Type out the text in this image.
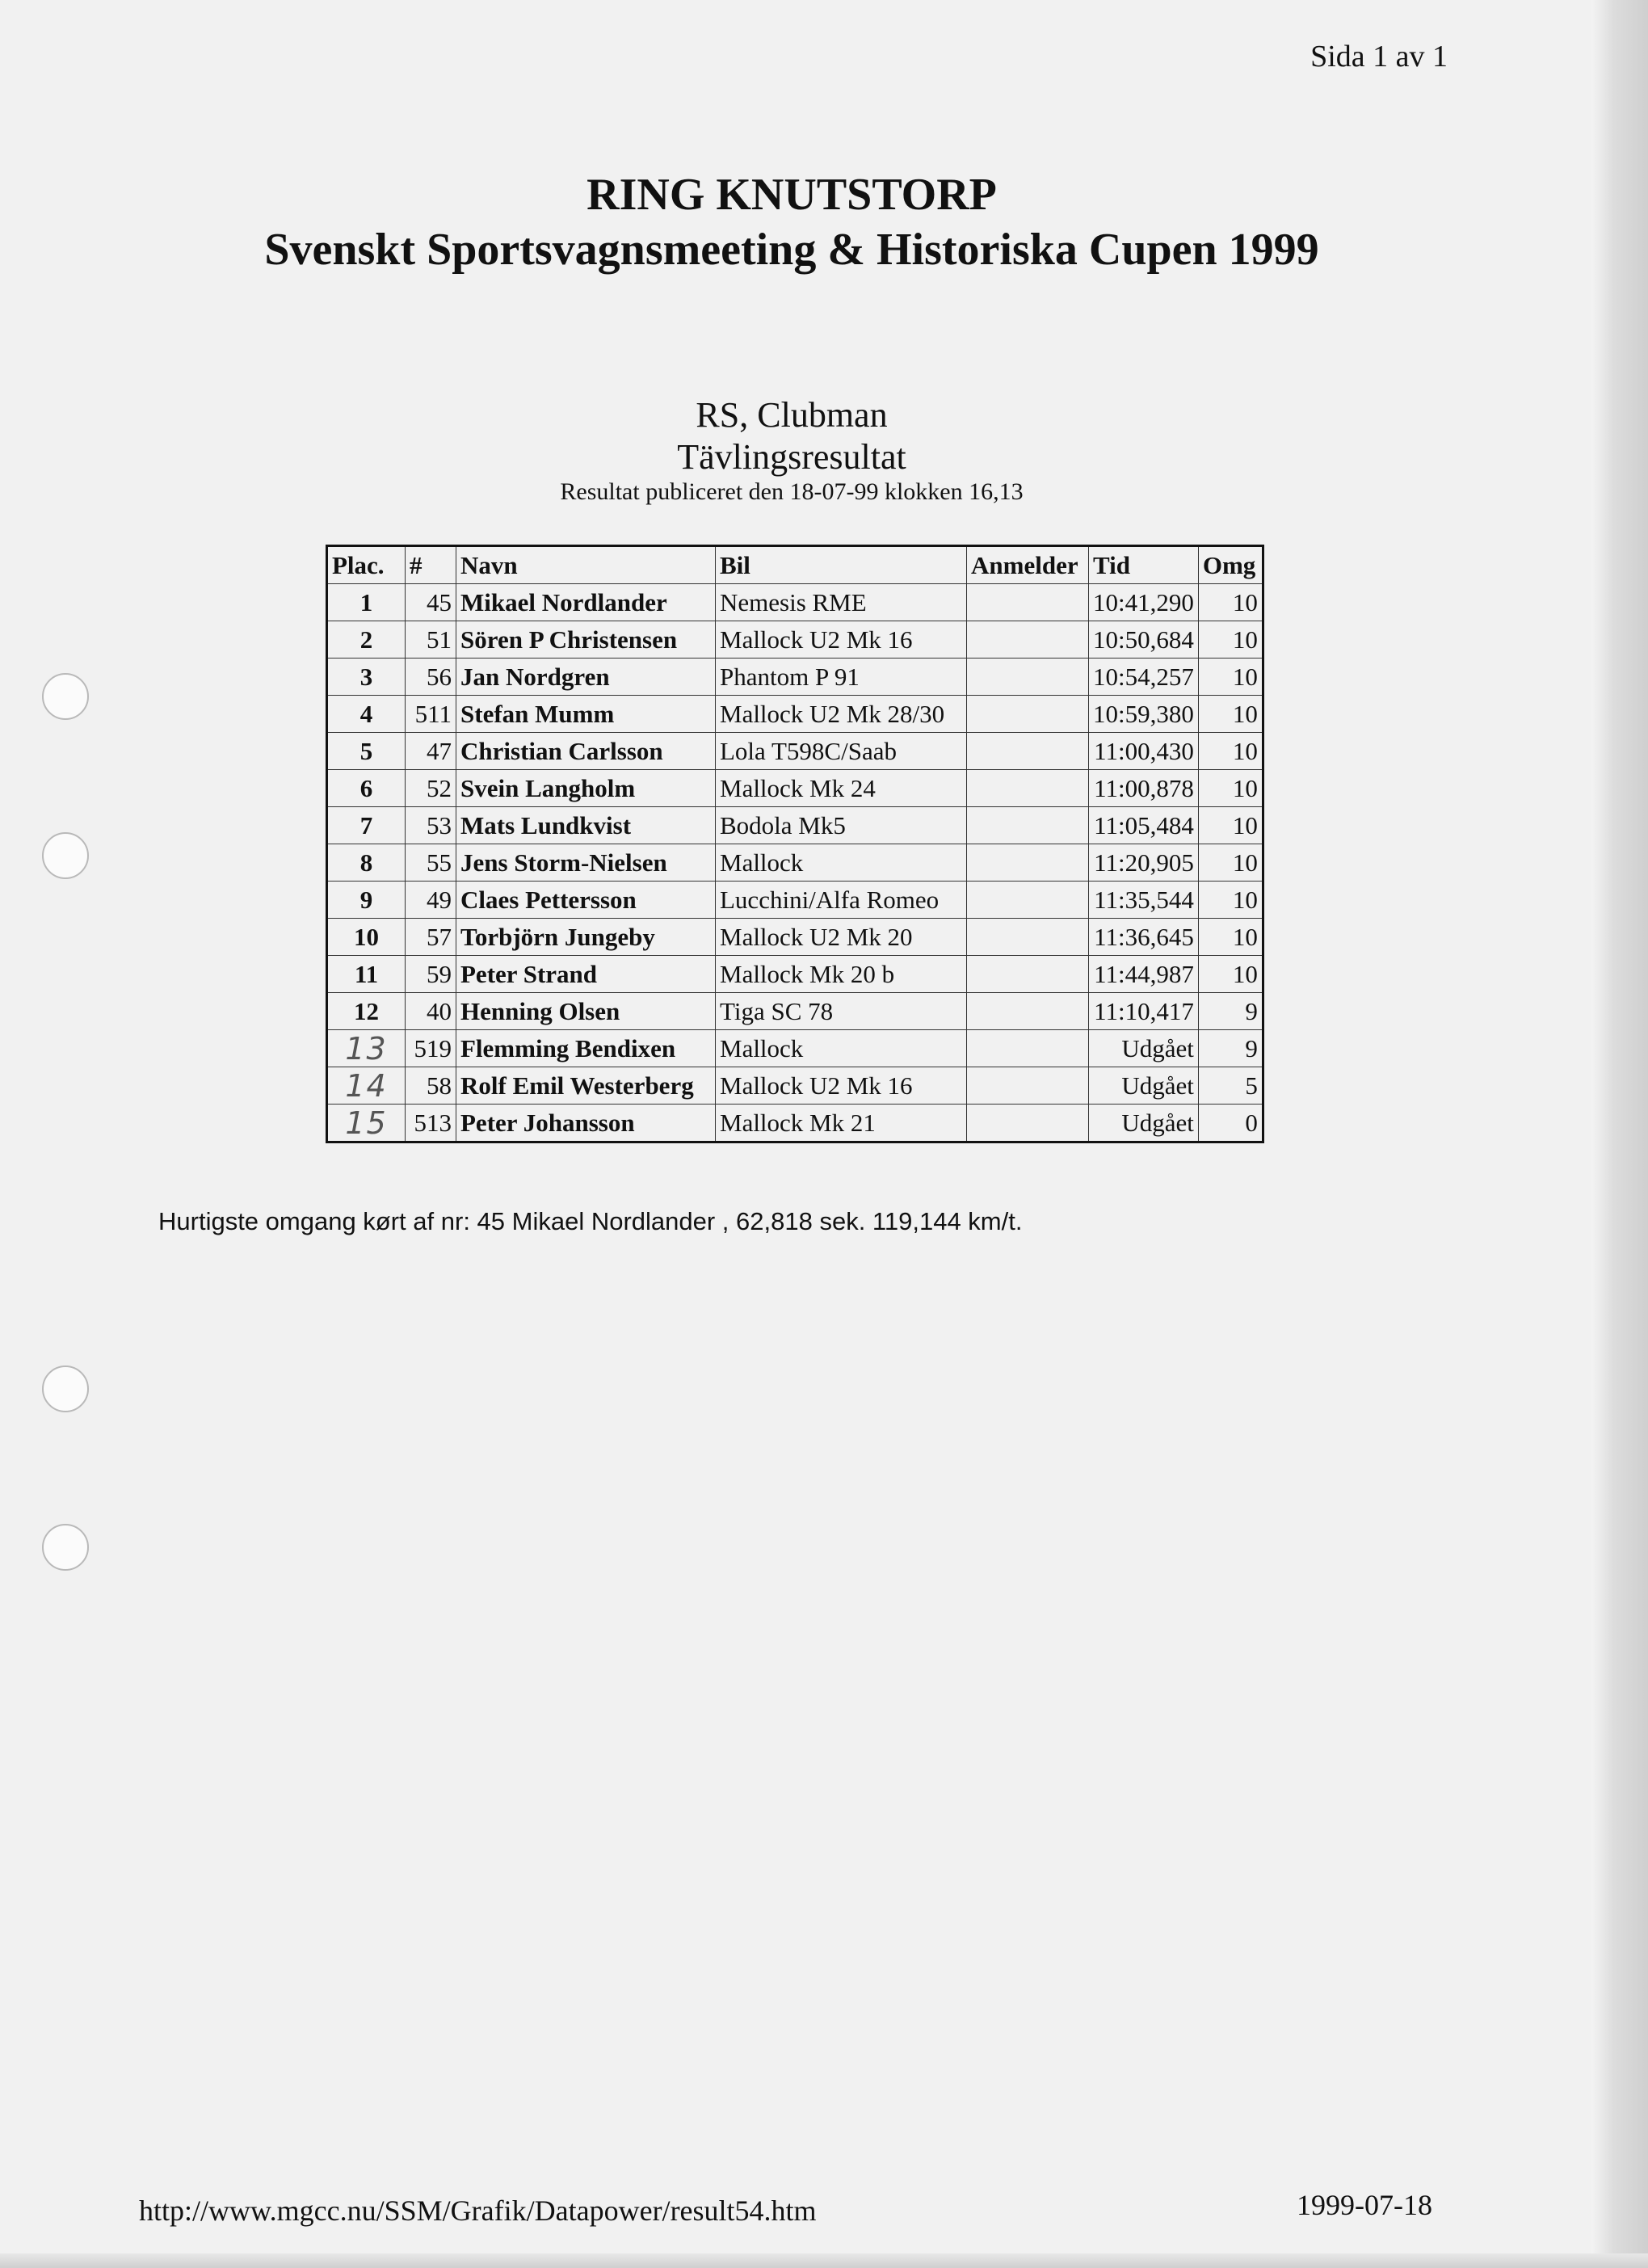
Sida 1 av 1
RING KNUTSTORP
Svenskt Sportsvagnsmeeting & Historiska Cupen 1999
RS, Clubman
Tävlingsresultat
Resultat publiceret den 18-07-99 klokken 16,13
Plac.	#	Navn	Bil	Anmelder	Tid	Omg
1	45	Mikael Nordlander	Nemesis RME		10:41,290	10
2	51	Sören P Christensen	Mallock U2 Mk 16		10:50,684	10
3	56	Jan Nordgren	Phantom P 91		10:54,257	10
4	511	Stefan Mumm	Mallock U2 Mk 28/30		10:59,380	10
5	47	Christian Carlsson	Lola T598C/Saab		11:00,430	10
6	52	Svein Langholm	Mallock Mk 24		11:00,878	10
7	53	Mats Lundkvist	Bodola Mk5		11:05,484	10
8	55	Jens Storm-Nielsen	Mallock		11:20,905	10
9	49	Claes Pettersson	Lucchini/Alfa Romeo		11:35,544	10
10	57	Torbjörn Jungeby	Mallock U2 Mk 20		11:36,645	10
11	59	Peter Strand	Mallock Mk 20 b		11:44,987	10
12	40	Henning Olsen	Tiga SC 78		11:10,417	9
13	519	Flemming Bendixen	Mallock		Udgået	9
14	58	Rolf Emil Westerberg	Mallock U2 Mk 16		Udgået	5
15	513	Peter Johansson	Mallock Mk 21		Udgået	0
Hurtigste omgang kørt af nr: 45 Mikael Nordlander , 62,818 sek. 119,144 km/t.
http://www.mgcc.nu/SSM/Grafik/Datapower/result54.htm	1999-07-18
